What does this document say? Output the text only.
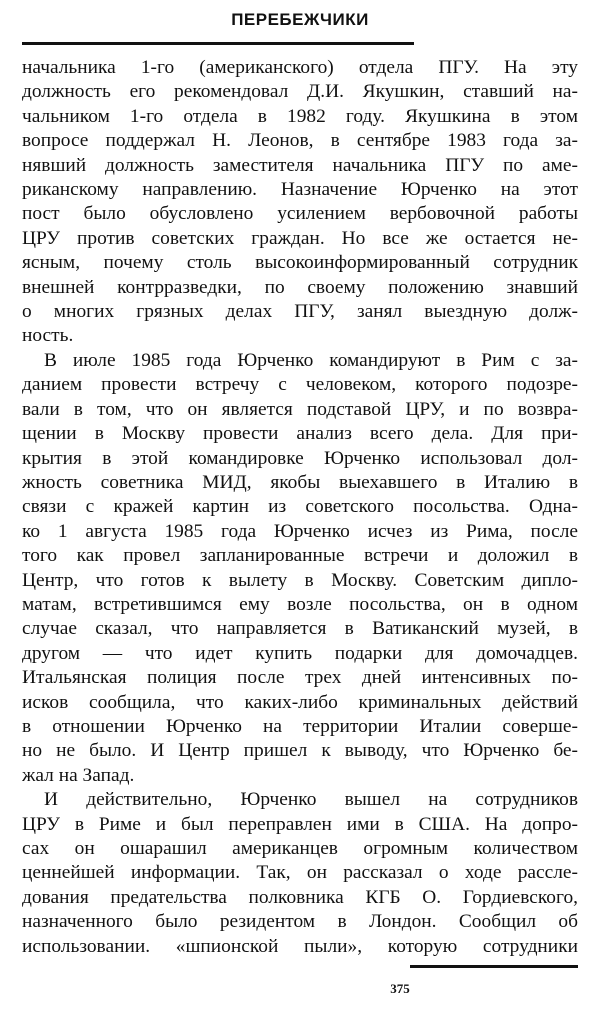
ПЕРЕБЕЖЧИКИ
начальника 1-го (американского) отдела ПГУ. На эту
должность его рекомендовал Д.И. Якушкин, ставший на-
чальником 1-го отдела в 1982 году. Якушкина в этом
вопросе поддержал Н. Леонов, в сентябре 1983 года за-
нявший должность заместителя начальника ПГУ по аме-
риканскому направлению. Назначение Юрченко на этот
пост было обусловлено усилением вербовочной работы
ЦРУ против советских граждан. Но все же остается не-
ясным, почему столь высокоинформированный сотрудник
внешней контрразведки, по своему положению знавший
о многих грязных делах ПГУ, занял выездную долж-
ность.
В июле 1985 года Юрченко командируют в Рим с за-
данием провести встречу с человеком, которого подозре-
вали в том, что он является подставой ЦРУ, и по возвра-
щении в Москву провести анализ всего дела. Для при-
крытия в этой командировке Юрченко использовал дол-
жность советника МИД, якобы выехавшего в Италию в
связи с кражей картин из советского посольства. Одна-
ко 1 августа 1985 года Юрченко исчез из Рима, после
того как провел запланированные встречи и доложил в
Центр, что готов к вылету в Москву. Советским дипло-
матам, встретившимся ему возле посольства, он в одном
случае сказал, что направляется в Ватиканский музей, в
другом — что идет купить подарки для домочадцев.
Итальянская полиция после трех дней интенсивных по-
исков сообщила, что каких-либо криминальных действий
в отношении Юрченко на территории Италии соверше-
но не было. И Центр пришел к выводу, что Юрченко бе-
жал на Запад.
И действительно, Юрченко вышел на сотрудников
ЦРУ в Риме и был переправлен ими в США. На допро-
сах он ошарашил американцев огромным количеством
ценнейшей информации. Так, он рассказал о ходе рассле-
дования предательства полковника КГБ О. Гордиевского,
назначенного было резидентом в Лондон. Сообщил об
использовании. «шпионской пыли», которую сотрудники
375
